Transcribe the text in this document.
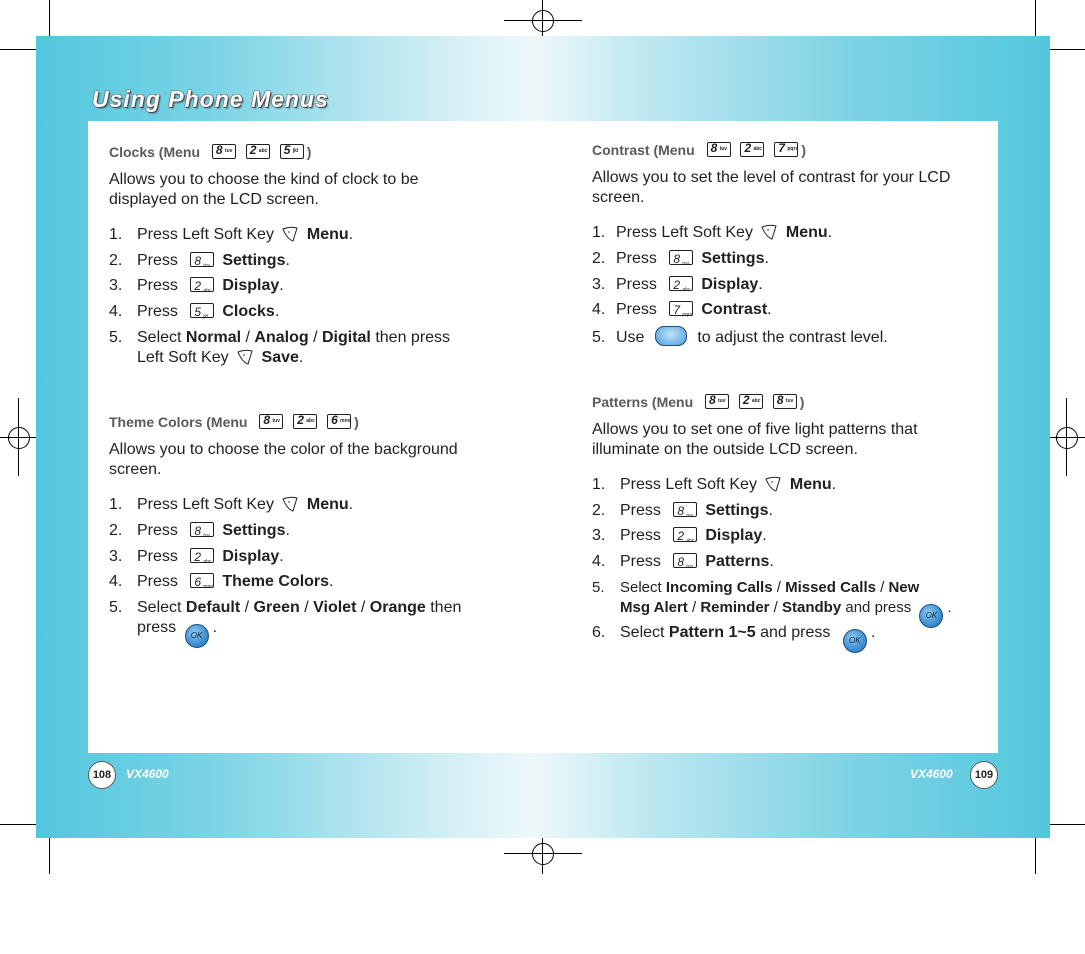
Using Phone Menus
Clocks (Menu 8 tuv
2 abc
5 jkl )
Allows you to choose the kind of clock to be displayed on the LCD screen.
1. Press Left Soft Key Menu.
2. Press 8 tuv Settings.
3. Press 2 abc Display.
4. Press 5 jkl Clocks.
5. Select Normal / Analog / Digital then press
Left Soft Key Save.
Theme Colors (Menu 8 tuv
2 abc
6 mno )
Allows you to choose the color of the background screen.
1. Press Left Soft Key Menu.
2. Press 8 tuv Settings.
3. Press 2 abc Display.
4. Press 6 mno Theme Colors.
5. Select Default / Green / Violet / Orange then
press OK .
Contrast (Menu 8 tuv
2 abc
7 pqrs )
Allows you to set the level of contrast for your LCD screen.
1. Press Left Soft Key Menu.
2. Press 8 tuv Settings.
3. Press 2 abc Display.
4. Press 7 pqrs Contrast.
5. Use	to adjust the contrast level.
Patterns (Menu 8 tuv
2 abc
8 tuv )
Allows you to set one of five light patterns that illuminate on the outside LCD screen.
1. Press Left Soft Key Menu.
2. Press 8 tuv Settings.
3. Press 2 abc Display.
4. Press 8 tuv Patterns.
5. Select Incoming Calls / Missed Calls / New
Msg Alert / Reminder / Standby and press OK .
6. Select Pattern 1~5 and press OK .
108	VX4600	VX4600	109
